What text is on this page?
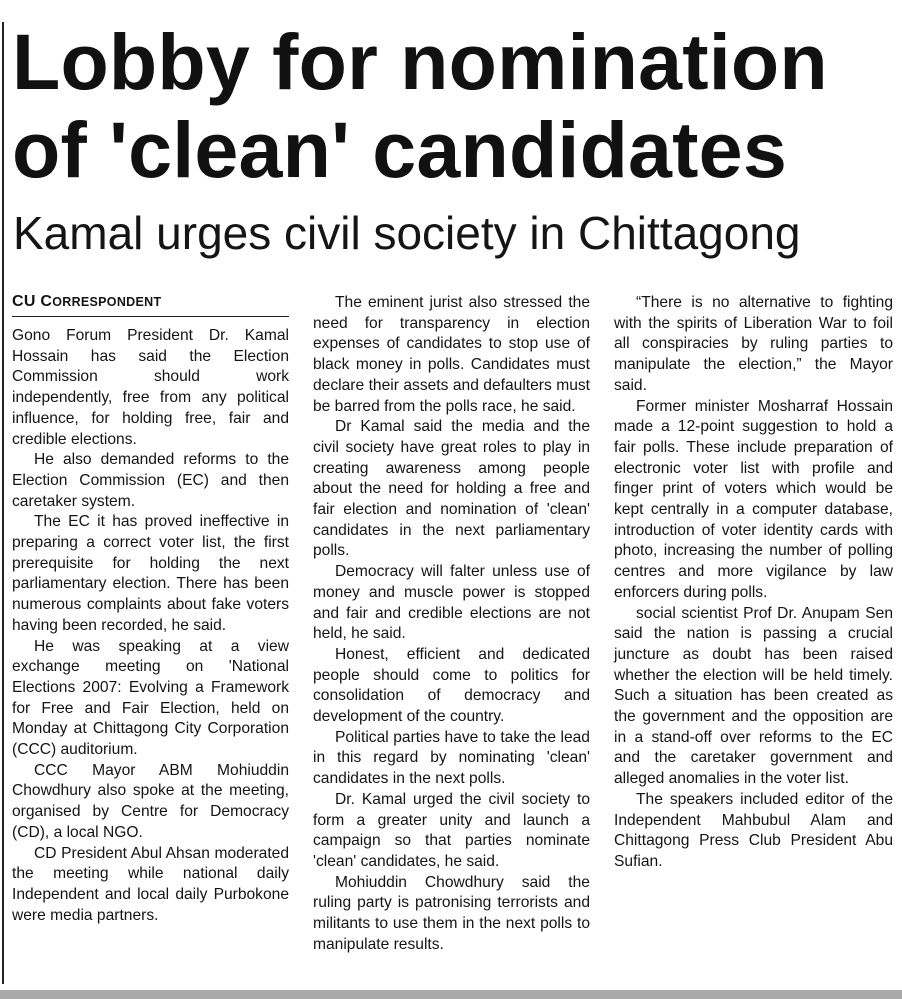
Lobby for nomination
of 'clean' candidates
Kamal urges civil society in Chittagong
CU CORRESPONDENT

Gono Forum President Dr. Kamal Hossain has said the Election Commission should work independently, free from any political influence, for holding free, fair and credible elections.

He also demanded reforms to the Election Commission (EC) and then caretaker system.

The EC it has proved ineffective in preparing a correct voter list, the first prerequisite for holding the next parliamentary election. There has been numerous complaints about fake voters having been recorded, he said.

He was speaking at a view exchange meeting on 'National Elections 2007: Evolving a Framework for Free and Fair Election, held on Monday at Chittagong City Corporation (CCC) auditorium.

CCC Mayor ABM Mohiuddin Chowdhury also spoke at the meeting, organised by Centre for Democracy (CD), a local NGO.

CD President Abul Ahsan moderated the meeting while national daily Independent and local daily Purbokone were media partners.

The eminent jurist also stressed the need for transparency in election expenses of candidates to stop use of black money in polls. Candidates must declare their assets and defaulters must be barred from the polls race, he said.

Dr Kamal said the media and the civil society have great roles to play in creating awareness among people about the need for holding a free and fair election and nomination of 'clean' candidates in the next parliamentary polls.

Democracy will falter unless use of money and muscle power is stopped and fair and credible elections are not held, he said.

Honest, efficient and dedicated people should come to politics for consolidation of democracy and development of the country.

Political parties have to take the lead in this regard by nominating 'clean' candidates in the next polls.

Dr. Kamal urged the civil society to form a greater unity and launch a campaign so that parties nominate 'clean' candidates, he said.

Mohiuddin Chowdhury said the ruling party is patronising terrorists and militants to use them in the next polls to manipulate results.

“There is no alternative to fighting with the spirits of Liberation War to foil all conspiracies by ruling parties to manipulate the election,” the Mayor said.

Former minister Mosharraf Hossain made a 12-point suggestion to hold a fair polls. These include preparation of electronic voter list with profile and finger print of voters which would be kept centrally in a computer database, introduction of voter identity cards with photo, increasing the number of polling centres and more vigilance by law enforcers during polls.

social scientist Prof Dr. Anupam Sen said the nation is passing a crucial juncture as doubt has been raised whether the election will be held timely. Such a situation has been created as the government and the opposition are in a stand-off over reforms to the EC and the caretaker government and alleged anomalies in the voter list.

The speakers included editor of the Independent Mahbubul Alam and Chittagong Press Club President Abu Sufian.
